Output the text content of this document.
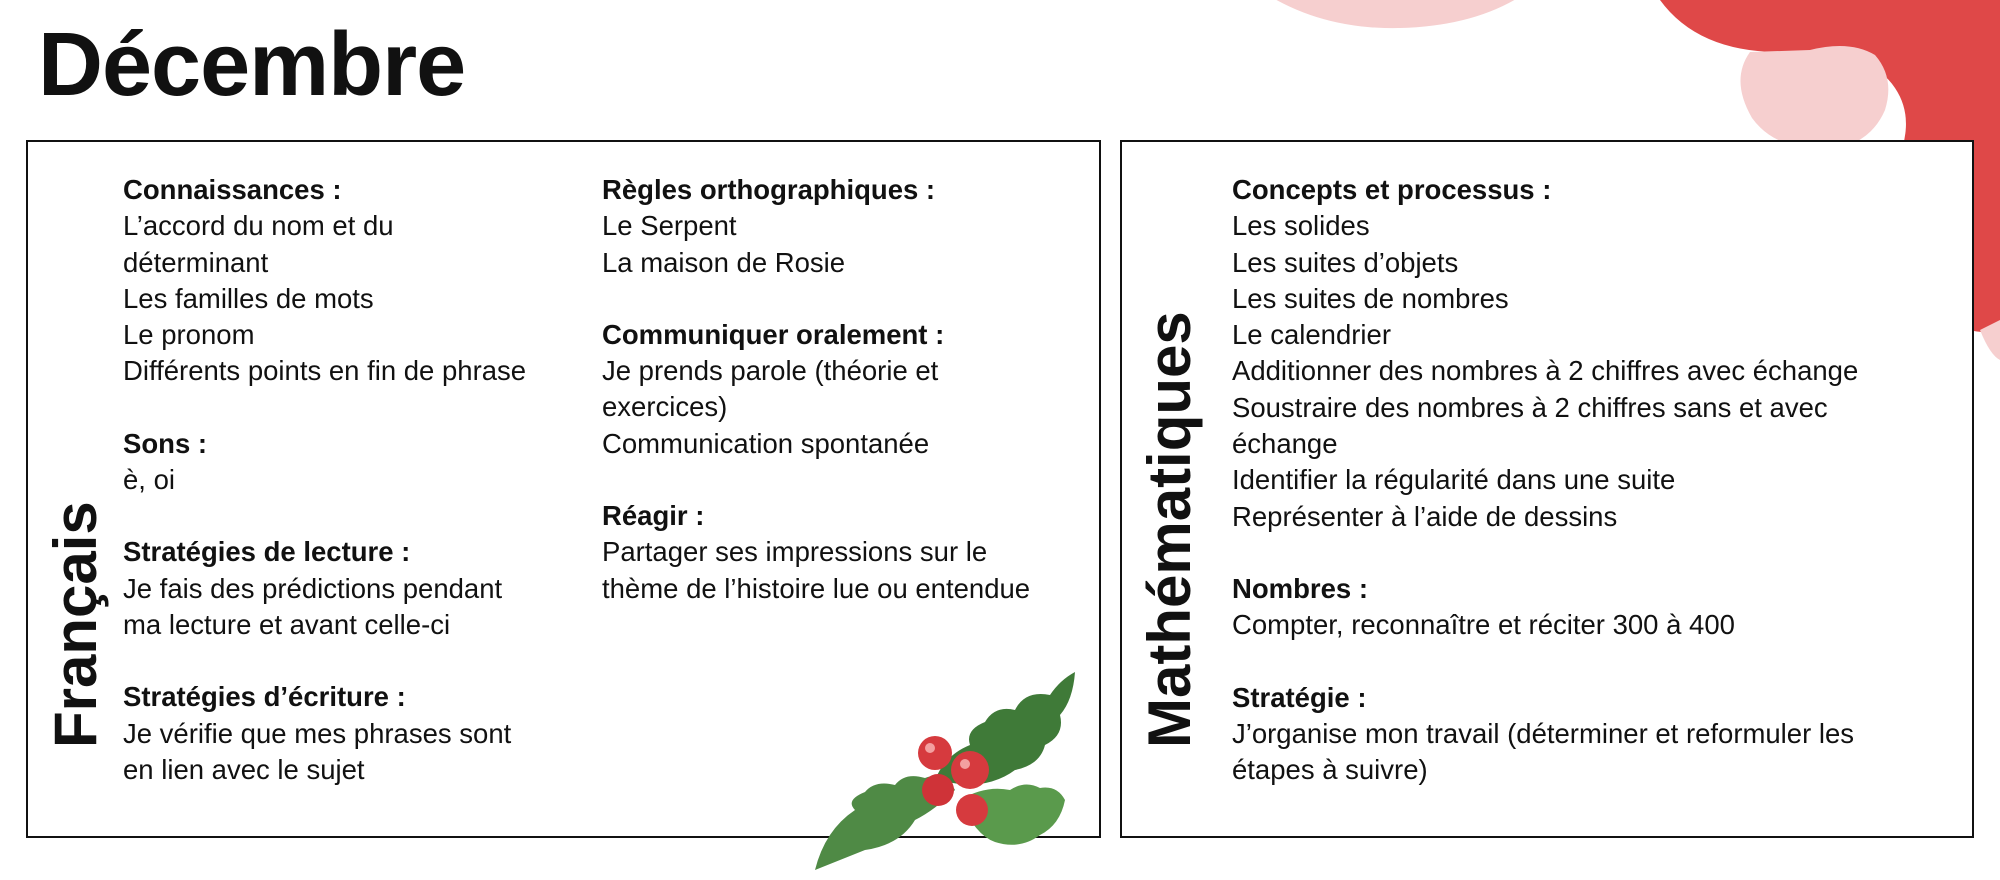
Décembre
Français
Connaissances :
L’accord du nom et du
déterminant
Les familles de mots
Le pronom
Différents points en fin de phrase
Sons :
è, oi
Stratégies de lecture :
Je fais des prédictions pendant
ma lecture et avant celle-ci
Stratégies d’écriture :
Je vérifie que mes phrases sont
en lien avec le sujet
Règles orthographiques :
Le Serpent
La maison de Rosie
Communiquer oralement :
Je prends parole (théorie et
exercices)
Communication spontanée
Réagir :
Partager ses impressions sur le
thème de l’histoire lue ou entendue	Mathématiques
Concepts et processus :
Les solides
Les suites d’objets
Les suites de nombres
Le calendrier
Additionner des nombres à 2 chiffres avec échange
Soustraire des nombres à 2 chiffres sans et avec
échange
Identifier la régularité dans une suite
Représenter à l’aide de dessins
Nombres :
Compter, reconnaître et réciter 300 à 400
Stratégie :
J’organise mon travail (déterminer et reformuler les
étapes à suivre)
